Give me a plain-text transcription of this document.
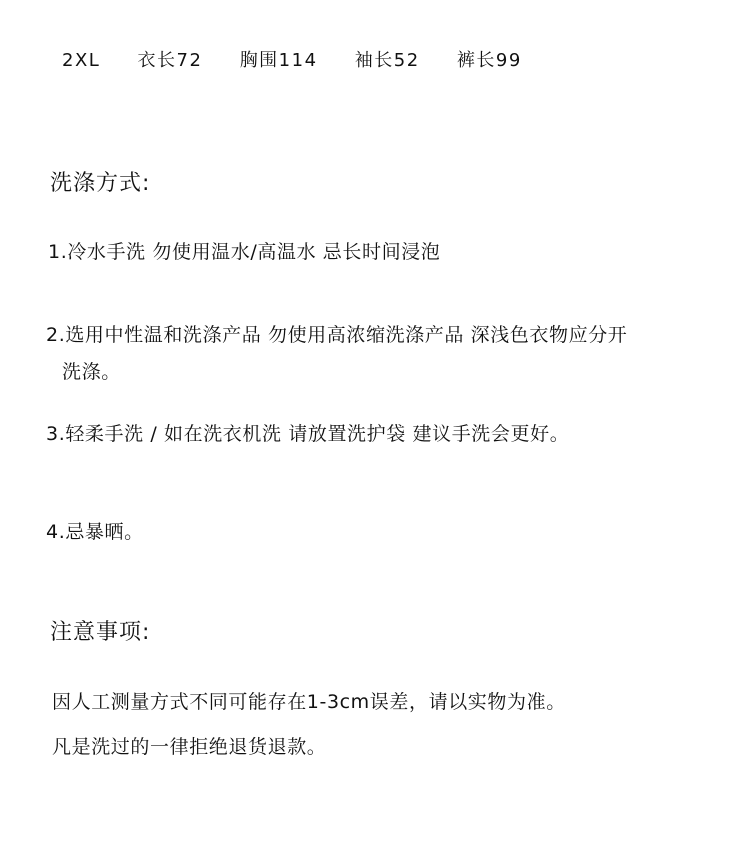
2XL 衣长72 胸围114 袖长52 裤长99
洗涤方式:
1.冷水手洗 勿使用温水/高温水 忌长时间浸泡
2.选用中性温和洗涤产品 勿使用高浓缩洗涤产品 深浅色衣物应分开
洗涤。
3.轻柔手洗 / 如在洗衣机洗 请放置洗护袋 建议手洗会更好。
4.忌暴晒。
注意事项:
因人工测量方式不同可能存在1-3cm误差，请以实物为准。
凡是洗过的一律拒绝退货退款。
